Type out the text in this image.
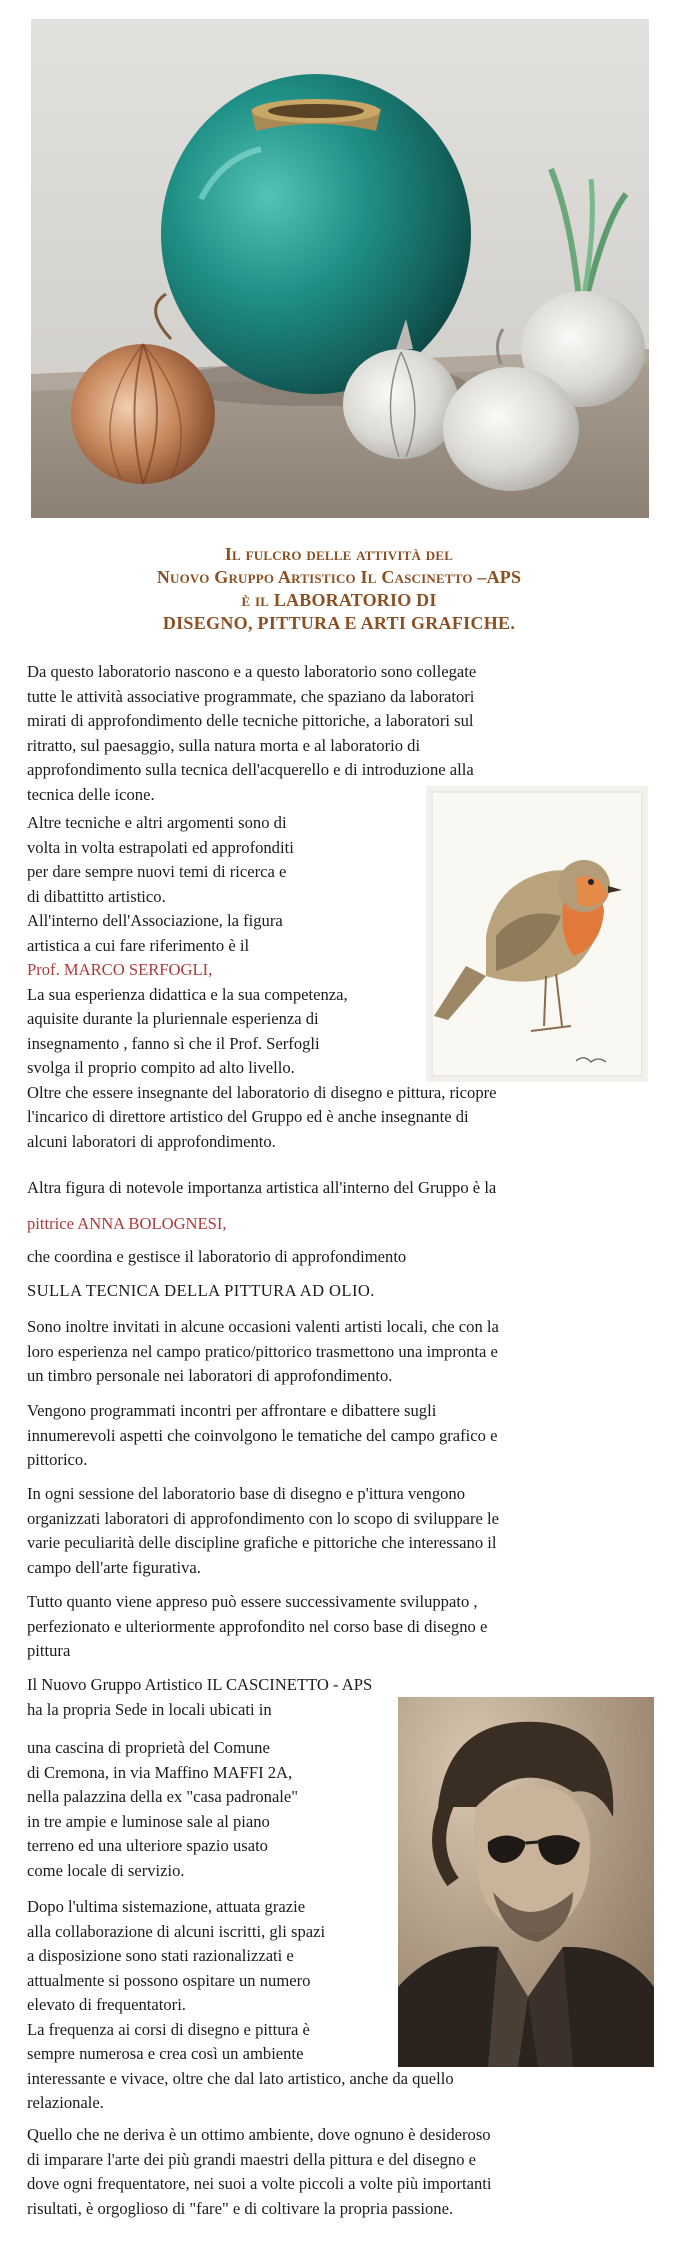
Il fulcro delle attività del
Nuovo Gruppo Artistico Il Cascinetto –APS
è il LABORATORIO DI
DISEGNO, PITTURA E ARTI GRAFICHE.

Da questo laboratorio nascono e a questo laboratorio sono collegate
tutte le attività associative programmate, che spaziano da laboratori
mirati di approfondimento delle tecniche pittoriche, a laboratori sul
ritratto, sul paesaggio, sulla natura morta e al laboratorio di
approfondimento sulla tecnica dell'acquerello e di introduzione alla
tecnica delle icone.

Altre tecniche e altri argomenti sono di
volta in volta estrapolati ed approfonditi
per dare sempre nuovi temi di ricerca e
di dibattitto artistico.
All'interno dell'Associazione, la figura
artistica a cui fare riferimento è il
Prof. MARCO SERFOGLI,
La sua esperienza didattica e la sua competenza,
aquisite durante la pluriennale esperienza di
insegnamento , fanno sì che il Prof. Serfogli
svolga il proprio compito ad alto livello.
Oltre che essere insegnante del laboratorio di disegno e pittura, ricopre
l'incarico di direttore artistico del Gruppo ed è anche insegnante di
alcuni laboratori di approfondimento.

Altra figura di notevole importanza artistica all'interno del Gruppo è la

pittrice ANNA BOLOGNESI,

che coordina e gestisce il laboratorio di approfondimento

SULLA TECNICA DELLA PITTURA AD OLIO.

Sono inoltre invitati in alcune occasioni valenti artisti locali, che con la
loro esperienza nel campo pratico/pittorico trasmettono una impronta e
un timbro personale nei laboratori di approfondimento.

Vengono programmati incontri per affrontare e dibattere sugli
innumerevoli aspetti che coinvolgono le tematiche del campo grafico e
pittorico.

In ogni sessione del laboratorio base di disegno e p'ittura vengono
organizzati laboratori di approfondimento con lo scopo di sviluppare le
varie peculiarità delle discipline grafiche e pittoriche che interessano il
campo dell'arte figurativa.

Tutto quanto viene appreso può essere successivamente sviluppato ,
perfezionato e ulteriormente approfondito nel corso base di disegno e
pittura

Il Nuovo Gruppo Artistico IL CASCINETTO - APS
ha la propria Sede in locali ubicati in

una cascina di proprietà del Comune
di Cremona, in via Maffino MAFFI 2A,
nella palazzina della ex "casa padronale"
in tre ampie e luminose sale al piano
terreno ed una ulteriore spazio usato
come locale di servizio.

Dopo l'ultima sistemazione, attuata grazie
alla collaborazione di alcuni iscritti, gli spazi
a disposizione sono stati razionalizzati e
attualmente si possono ospitare un numero
elevato di frequentatori.
La frequenza ai corsi di disegno e pittura è
sempre numerosa e crea così un ambiente
interessante e vivace, oltre che dal lato artistico, anche da quello
relazionale.

Quello che ne deriva è un ottimo ambiente, dove ognuno è desideroso
di imparare l'arte dei più grandi maestri della pittura e del disegno e
dove ogni frequentatore, nei suoi a volte piccoli a volte più importanti
risultati, è orgoglioso di "fare" e di coltivare la propria passione.
